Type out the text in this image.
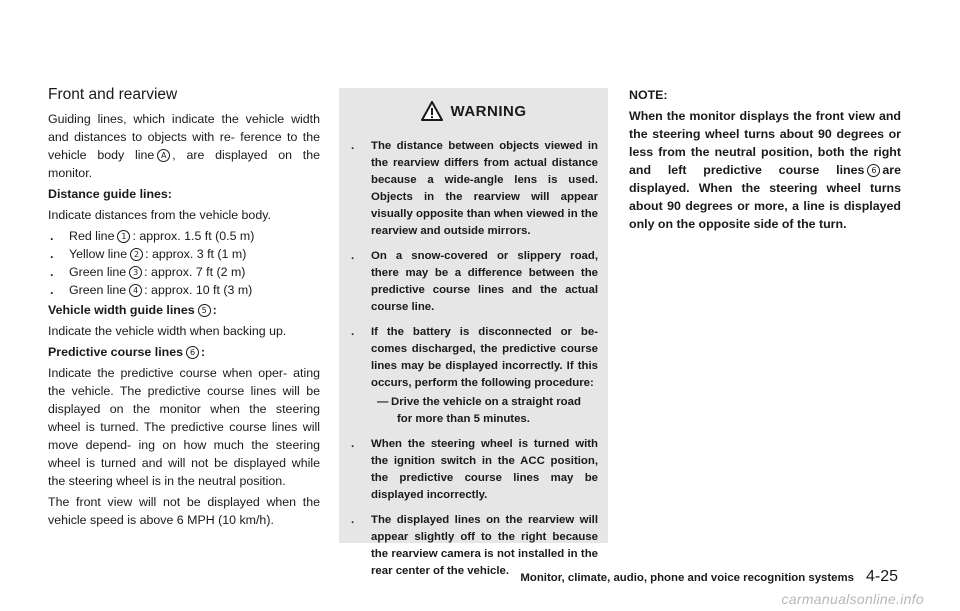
Front and rearview

Guiding lines, which indicate the vehicle width and distances to objects with re- ference to the vehicle body line A , are displayed on the monitor.

Distance guide lines:

Indicate distances from the vehicle body.

. Red line 1 : approx. 1.5 ft (0.5 m)
. Yellow line 2 : approx. 3 ft (1 m)
. Green line 3 : approx. 7 ft (2 m)
. Green line 4 : approx. 10 ft (3 m)

Vehicle width guide lines 5 :

Indicate the vehicle width when backing up.

Predictive course lines 6 :

Indicate the predictive course when oper- ating the vehicle. The predictive course lines will be displayed on the monitor when the steering wheel is turned. The predictive course lines will move depend- ing on how much the steering wheel is turned and will not be displayed while the steering wheel is in the neutral position.

The front view will not be displayed when the vehicle speed is above 6 MPH (10 km/h).

WARNING
. The distance between objects viewed in the rearview differs from actual distance because a wide-angle lens is used. Objects in the rearview will appear visually opposite than when viewed in the rearview and outside mirrors.
. On a snow-covered or slippery road, there may be a difference between the predictive course lines and the actual course line.
. If the battery is disconnected or be- comes discharged, the predictive course lines may be displayed incorrectly. If this occurs, perform the following procedure:
— Drive the vehicle on a straight road
for more than 5 minutes.
. When the steering wheel is turned with the ignition switch in the ACC position, the predictive course lines may be displayed incorrectly.
. The displayed lines on the rearview will appear slightly off to the right because the rearview camera is not installed in the rear center of the vehicle.

NOTE:

When the monitor displays the front view and the steering wheel turns about 90 degrees or less from the neutral position, both the right and left predictive course lines 6 are displayed. When the steering wheel turns about 90 degrees or more, a line is displayed only on the opposite side of the turn.

Monitor, climate, audio, phone and voice recognition systems 4-25
carmanualsonline.info
